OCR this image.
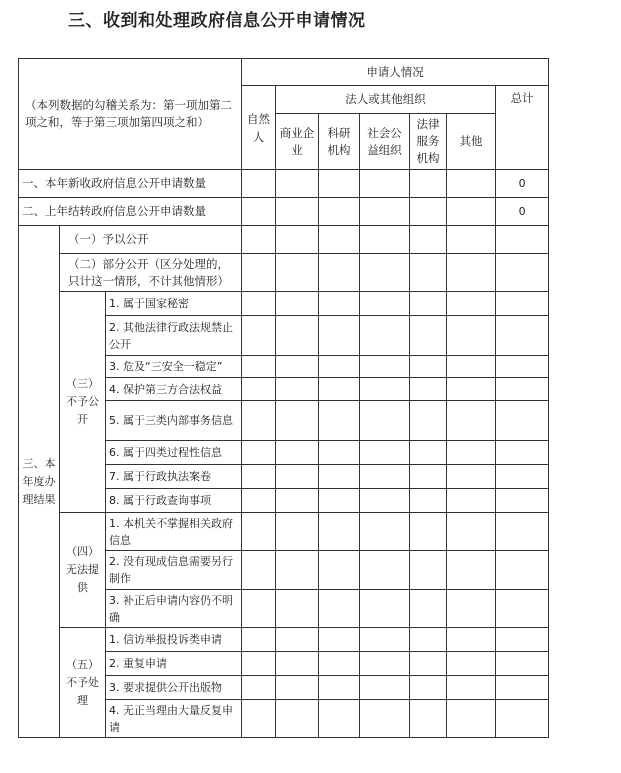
三、收到和处理政府信息公开申请情况
（本列数据的勾稽关系为：第一项加第二项之和，等于第三项加第四项之和）			申请人情况						
			自然人	法人或其他组织					总计
				商业企业	科研机构	社会公益组织	法律服务机构	其他	
一、本年新收政府信息公开申请数量									0
二、上年结转政府信息公开申请数量									0
三、本年度办理结果	（一）予以公开								
	（二）部分公开（区分处理的，只计这一情形，不计其他情形）								
	（三）不予公开	1. 属于国家秘密							
		2. 其他法律行政法规禁止公开							
		3. 危及“三安全一稳定”							
		4. 保护第三方合法权益							
		5. 属于三类内部事务信息							
		6. 属于四类过程性信息							
		7. 属于行政执法案卷							
		8. 属于行政查询事项							
	（四）无法提供	1. 本机关不掌握相关政府信息							
		2. 没有现成信息需要另行制作							
		3. 补正后申请内容仍不明确							
	（五）不予处理	1. 信访举报投诉类申请							
		2. 重复申请							
		3. 要求提供公开出版物							
		4. 无正当理由大量反复申请							
